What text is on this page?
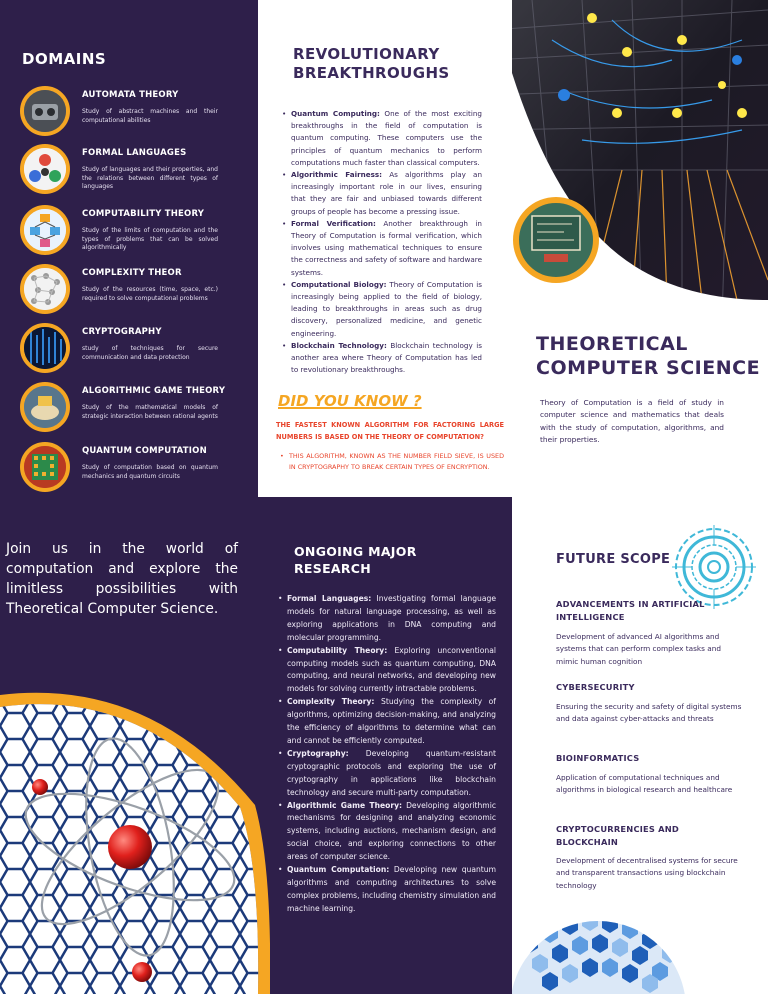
DOMAINS
AUTOMATA THEORY
Study of abstract machines and their computational abilities
FORMAL LANGUAGES
Study of languages and their properties, and the relations between different types of languages
COMPUTABILITY THEORY
Study of the limits of computation and the types of problems that can be solved algorithmically
COMPLEXITY THEOR
Study of the resources (time, space, etc.) required to solve computational problems
CRYPTOGRAPHY
study of techniques for secure communication and data protection
ALGORITHMIC GAME THEORY
Study of the mathematical models of strategic interaction between rational agents
QUANTUM COMPUTATION
Study of computation based on quantum mechanics and quantum circuits
REVOLUTIONARY BREAKTHROUGHS
• Quantum Computing: One of the most exciting breakthroughs in the field of computation is quantum computing. These computers use the principles of quantum mechanics to perform computations much faster than classical computers.
• Algorithmic Fairness: As algorithms play an increasingly important role in our lives, ensuring that they are fair and unbiased towards different groups of people has become a pressing issue.
• Formal Verification: Another breakthrough in Theory of Computation is formal verification, which involves using mathematical techniques to ensure the correctness and safety of software and hardware systems.
• Computational Biology: Theory of Computation is increasingly being applied to the field of biology, leading to breakthroughs in areas such as drug discovery, personalized medicine, and genetic engineering.
• Blockchain Technology: Blockchain technology is another area where Theory of Computation has led to revolutionary breakthroughs.
DID YOU KNOW ?
THE FASTEST KNOWN ALGORITHM FOR FACTORING LARGE NUMBERS IS BASED ON THE THEORY OF COMPUTATION?
• THIS ALGORITHM, KNOWN AS THE NUMBER FIELD SIEVE, IS USED IN CRYPTOGRAPHY TO BREAK CERTAIN TYPES OF ENCRYPTION.
THEORETICAL COMPUTER SCIENCE
Theory of Computation is a field of study in computer science and mathematics that deals with the study of computation, algorithms, and their properties.
Join us in the world of computation and explore the limitless possibilities with Theoretical Computer Science.
ONGOING MAJOR RESEARCH
• Formal Languages: Investigating formal language models for natural language processing, as well as exploring applications in DNA computing and molecular programming.
• Computability Theory: Exploring unconventional computing models such as quantum computing, DNA computing, and neural networks, and developing new models for solving currently intractable problems.
• Complexity Theory: Studying the complexity of algorithms, optimizing decision-making, and analyzing the efficiency of algorithms to determine what can and cannot be efficiently computed.
• Cryptography: Developing quantum-resistant cryptographic protocols and exploring the use of cryptography in applications like blockchain technology and secure multi-party computation.
• Algorithmic Game Theory: Developing algorithmic mechanisms for designing and analyzing economic systems, including auctions, mechanism design, and social choice, and exploring connections to other areas of computer science.
• Quantum Computation: Developing new quantum algorithms and computing architectures to solve complex problems, including chemistry simulation and machine learning.
FUTURE SCOPE
ADVANCEMENTS IN ARTIFICIAL INTELLIGENCE
Development of advanced AI algorithms and systems that can perform complex tasks and mimic human cognition
CYBERSECURITY
Ensuring the security and safety of digital systems and data against cyber-attacks and threats
BIOINFORMATICS
Application of computational techniques and algorithms in biological research and healthcare
CRYPTOCURRENCIES AND BLOCKCHAIN
Development of decentralised systems for secure and transparent transactions using blockchain technology
